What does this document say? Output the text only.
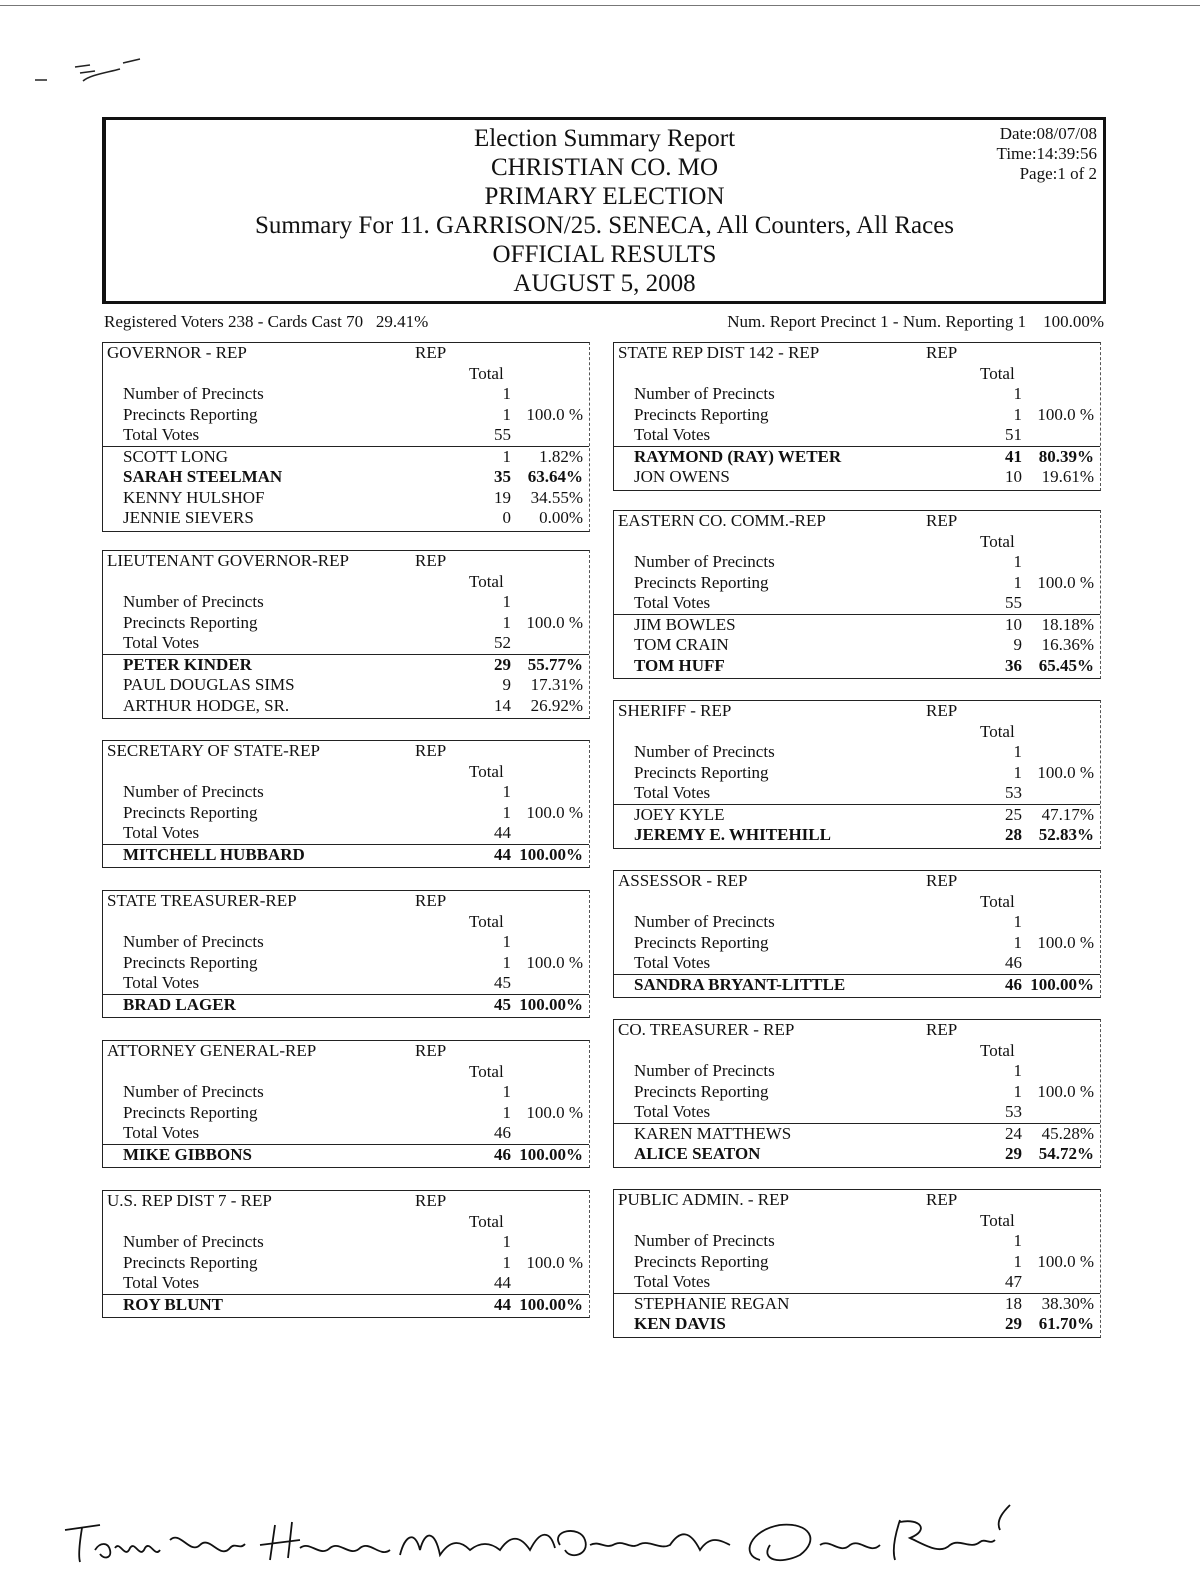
Election Summary Report
CHRISTIAN CO. MO
PRIMARY ELECTION
Summary For 11. GARRISON/25. SENECA, All Counters, All Races
OFFICIAL RESULTS
AUGUST 5, 2008
Date:08/07/08
Time:14:39:56
Page:1 of 2
Registered Voters 238 - Cards Cast 70 29.41%	Num. Report Precinct 1 - Num. Reporting 1 100.00%
GOVERNOR - REP	REP
Total
Number of Precincts	1
Precincts Reporting	1 100.0 %
Total Votes	55
SCOTT LONG	1 1.82%
SARAH STEELMAN	35 63.64%
KENNY HULSHOF	19 34.55%
JENNIE SIEVERS	0 0.00%
LIEUTENANT GOVERNOR-REP	REP
Total
Number of Precincts	1
Precincts Reporting	1 100.0 %
Total Votes	52
PETER KINDER	29 55.77%
PAUL DOUGLAS SIMS	9 17.31%
ARTHUR HODGE, SR.	14 26.92%
SECRETARY OF STATE-REP	REP
Total
Number of Precincts	1
Precincts Reporting	1 100.0 %
Total Votes	44
MITCHELL HUBBARD	44 100.00%
STATE TREASURER-REP	REP
Total
Number of Precincts	1
Precincts Reporting	1 100.0 %
Total Votes	45
BRAD LAGER	45 100.00%
ATTORNEY GENERAL-REP	REP
Total
Number of Precincts	1
Precincts Reporting	1 100.0 %
Total Votes	46
MIKE GIBBONS	46 100.00%
U.S. REP DIST 7 - REP	REP
Total
Number of Precincts	1
Precincts Reporting	1 100.0 %
Total Votes	44
ROY BLUNT	44 100.00%
STATE REP DIST 142 - REP	REP
Total
Number of Precincts	1
Precincts Reporting	1 100.0 %
Total Votes	51
RAYMOND (RAY) WETER	41 80.39%
JON OWENS	10 19.61%
EASTERN CO. COMM.-REP	REP
Total
Number of Precincts	1
Precincts Reporting	1 100.0 %
Total Votes	55
JIM BOWLES	10 18.18%
TOM CRAIN	9 16.36%
TOM HUFF	36 65.45%
SHERIFF - REP	REP
Total
Number of Precincts	1
Precincts Reporting	1 100.0 %
Total Votes	53
JOEY KYLE	25 47.17%
JEREMY E. WHITEHILL	28 52.83%
ASSESSOR - REP	REP
Total
Number of Precincts	1
Precincts Reporting	1 100.0 %
Total Votes	46
SANDRA BRYANT-LITTLE	46 100.00%
CO. TREASURER - REP	REP
Total
Number of Precincts	1
Precincts Reporting	1 100.0 %
Total Votes	53
KAREN MATTHEWS	24 45.28%
ALICE SEATON	29 54.72%
PUBLIC ADMIN. - REP	REP
Total
Number of Precincts	1
Precincts Reporting	1 100.0 %
Total Votes	47
STEPHANIE REGAN	18 38.30%
KEN DAVIS	29 61.70%
